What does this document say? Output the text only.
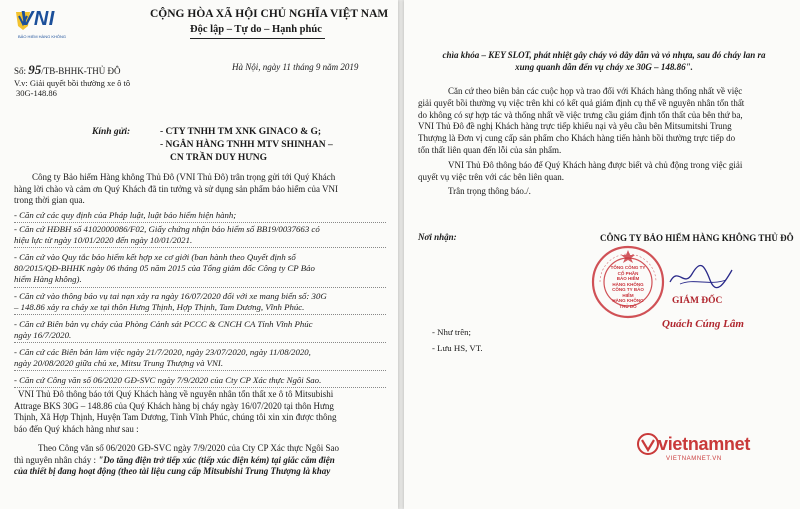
VNI
BẢO HIỂM HÀNG KHÔNG
CỘNG HÒA XÃ HỘI CHỦ NGHĨA VIỆT NAM
Độc lập – Tự do – Hạnh phúc
Số: 95/TB-BHHK-THỦ ĐÔ	Hà Nội, ngày 11 tháng 9 năm 2019
V.v: Giải quyết bồi thường xe ô tô
30G-148.86
Kính gửi:	- CTY TNHH TM XNK GINACO & G;
- NGÂN HÀNG TNHH MTV SHINHAN –
CN TRẦN DUY HƯNG
Công ty Bảo hiểm Hàng không Thủ Đô (VNI Thủ Đô) trân trọng gửi tới Quý Khách
hàng lời chào và cảm ơn Quý Khách đã tin tưởng và sử dụng sản phẩm bảo hiểm của VNI
trong thời gian qua.
- Căn cứ các quy định của Pháp luật, luật bảo hiểm hiện hành;
- Căn cứ HĐBH số 4102000086/F02, Giấy chứng nhận bảo hiểm số BB19/0037663 có
hiệu lực từ ngày 10/01/2020 đến ngày 10/01/2021.
- Căn cứ vào Quy tắc bảo hiểm kết hợp xe cơ giới (ban hành theo Quyết định số
80/2015/QĐ-BHHK ngày 06 tháng 05 năm 2015 của Tổng giám đốc Công ty CP Bảo
hiểm Hàng không).
- Căn cứ vào thông báo vụ tai nạn xảy ra ngày 16/07/2020 đối với xe mang biển số: 30G
– 148.86 xảy ra cháy xe tại thôn Hưng Thịnh, Hợp Thịnh, Tam Dương, Vĩnh Phúc.
- Căn cứ Biên bản vụ cháy của Phòng Cảnh sát PCCC & CNCH CA Tỉnh Vĩnh Phúc
ngày 16/7/2020.
- Căn cứ các Biên bản làm việc ngày 21/7/2020, ngày 23/07/2020, ngày 11/08/2020,
ngày 20/08/2020 giữa chủ xe, Mitsu Trung Thượng và VNI.
- Căn cứ Công văn số 06/2020 GĐ-SVC ngày 7/9/2020 của Cty CP Xác thực Ngôi Sao.
VNI Thủ Đô thông báo tới Quý Khách hàng về nguyên nhân tổn thất xe ô tô Mitsubishi
Attrage BKS 30G – 148.86 của Quý Khách hàng bị cháy ngày 16/07/2020 tại thôn Hưng
Thịnh, Xã Hợp Thịnh, Huyện Tam Dương, Tỉnh Vĩnh Phúc, chúng tôi xin xin được thông
báo đến Quý khách hàng như sau :
Theo Công văn số 06/2020 GĐ-SVC ngày 7/9/2020 của Cty CP Xác thực Ngôi Sao
thì nguyên nhân cháy : "Do tăng điện trở tiếp xúc (tiếp xúc điện kém) tại giắc cắm điện
của thiết bị đang hoạt động (theo tài liệu cung cấp Mitsubishi Trung Thượng là khay
chìa khóa – KEY SLOT, phát nhiệt gây cháy vỏ dây dẫn và vỏ nhựa, sau đó cháy lan ra
xung quanh dẫn đến vụ cháy xe 30G – 148.86".
Căn cứ theo biên bản các cuộc họp và trao đổi với Khách hàng thống nhất về việc
giải quyết bồi thường vụ việc trên khi có kết quả giám định cụ thể về nguyên nhân tổn thất
do không có sự hợp tác và thống nhất về việc trưng cầu giám định tổn thất của bên thứ ba,
VNI Thủ Đô đề nghị Khách hàng trực tiếp khiếu nại và yêu cầu bên Mitsumitshi Trung
Thượng là Đơn vị cung cấp sản phẩm cho Khách hàng tiến hành bồi thường trực tiếp do
tổn thất liên quan đến lỗi của sản phẩm.
VNI Thủ Đô thông báo để Quý Khách hàng được biết và chủ động trong việc giải
quyết vụ việc trên với các bên liên quan.
Trân trọng thông báo./.
Nơi nhận:	CÔNG TY BẢO HIỂM HÀNG KHÔNG THỦ ĐÔ
TỔNG CÔNG TY
CỔ PHẦN
BẢO HIỂM HÀNG KHÔNG
CÔNG TY BẢO HIỂM
HÀNG KHÔNG
THỦ ĐÔ	GIÁM ĐỐC
Quách Cúng Lâm
- Như trên;
- Lưu HS, VT.
vietnamnet
VIETNAMNET.VN
